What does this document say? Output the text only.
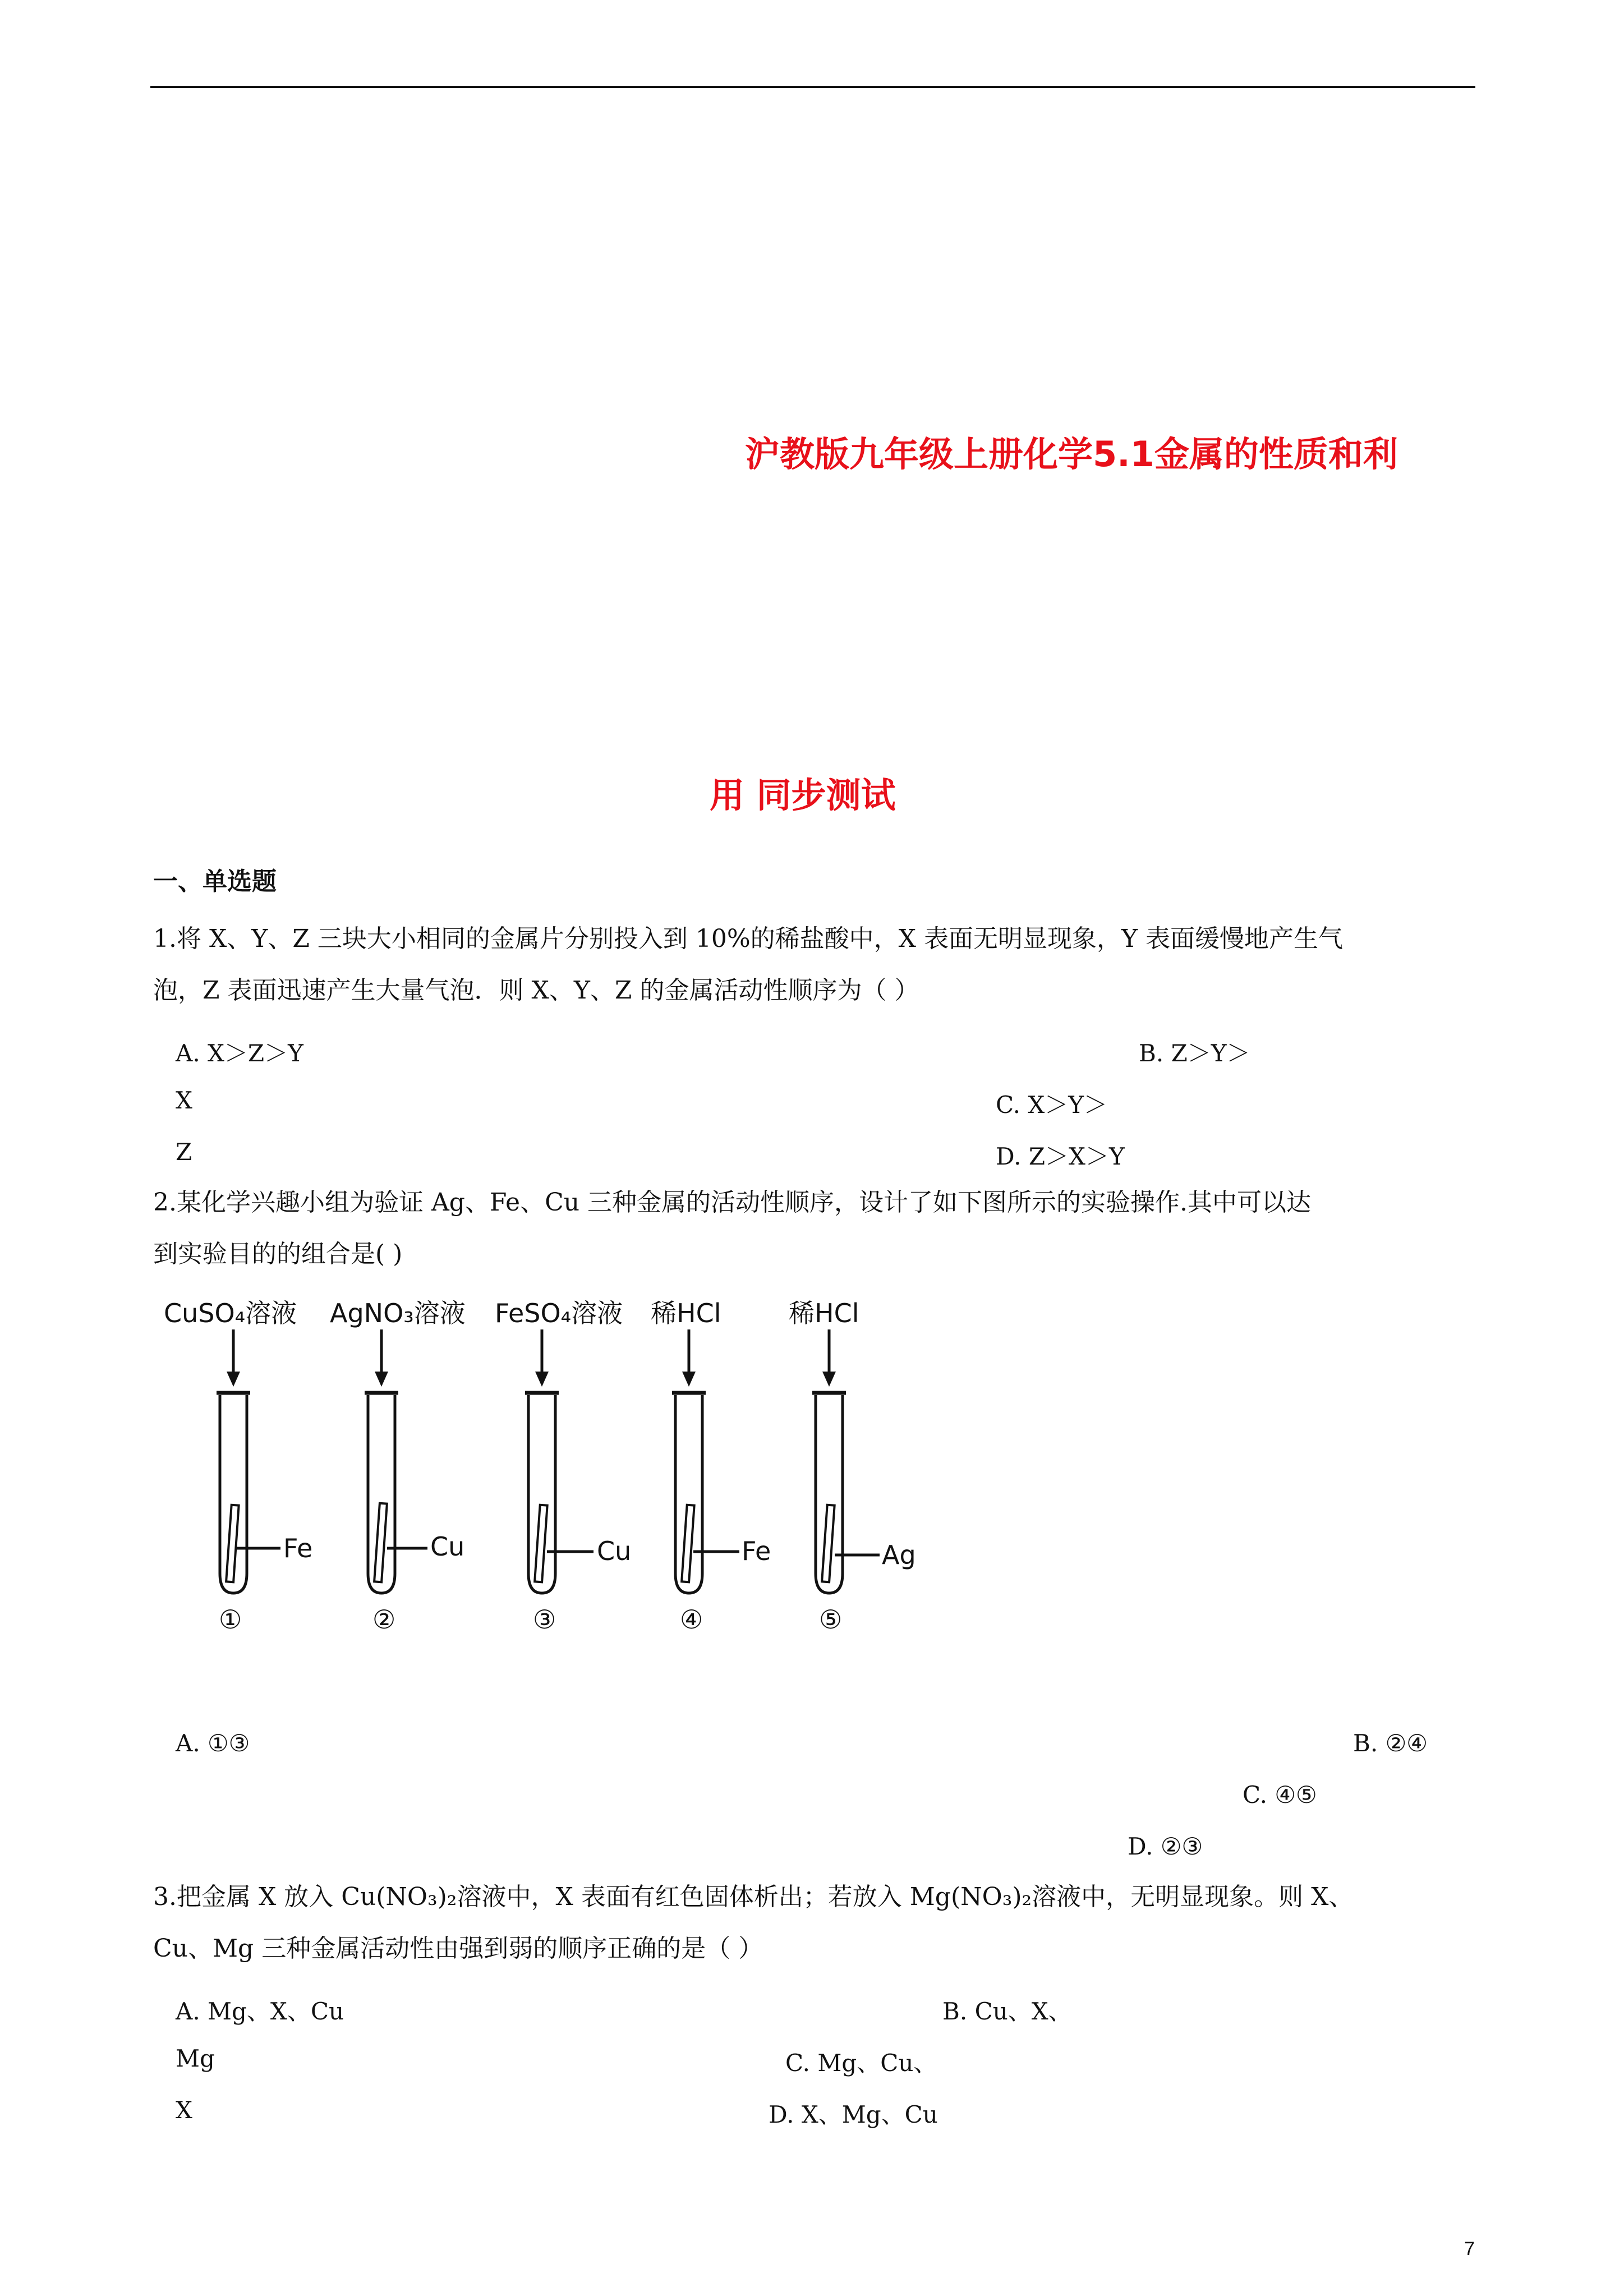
沪教版九年级上册化学5.1金属的性质和利
用 同步测试
一、单选题
1.将 X、Y、Z 三块大小相同的金属片分别投入到 10%的稀盐酸中，X 表面无明显现象，Y 表面缓慢地产生气
泡，Z 表面迅速产生大量气泡．则 X、Y、Z 的金属活动性顺序为（ ）
A. X＞Z＞Y	B. Z＞Y＞
X	C. X＞Y＞
Z	D. Z＞X＞Y
2.某化学兴趣小组为验证 Ag、Fe、Cu 三种金属的活动性顺序，设计了如下图所示的实验操作.其中可以达
到实验目的的组合是( )
CuSO₄溶液 AgNO₃溶液 FeSO₄溶液 稀HCl	稀HCl
Fe	Cu	Cu	Fe	Ag
①	②	③	④	⑤
A. ①③	B. ②④
C. ④⑤
D. ②③
3.把金属 X 放入 Cu(NO₃)₂溶液中，X 表面有红色固体析出；若放入 Mg(NO₃)₂溶液中，无明显现象。则 X、
Cu、Mg 三种金属活动性由强到弱的顺序正确的是（ ）
A. Mg、X、Cu	B. Cu、X、
Mg	C. Mg、Cu、
X	D. X、Mg、Cu
7
